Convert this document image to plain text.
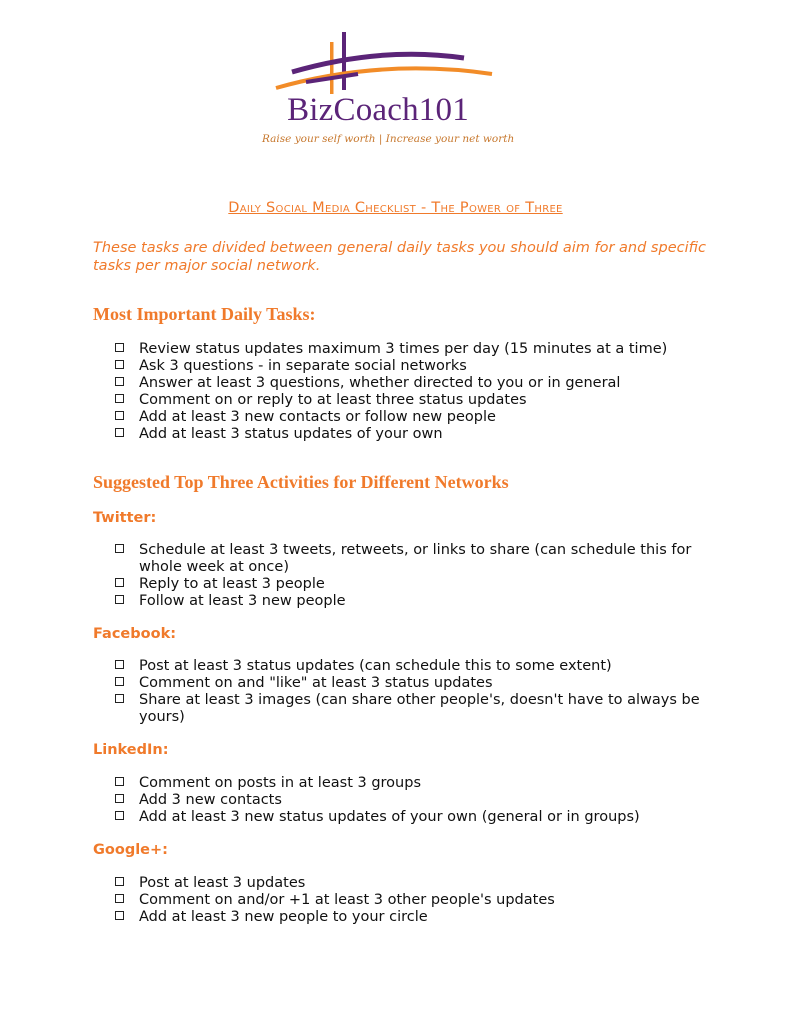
BizCoach101
Raise your self worth | Increase your net worth
Daily Social Media Checklist - The Power of Three
These tasks are divided between general daily tasks you should aim for and specific tasks per major social network.
Most Important Daily Tasks:
Review status updates maximum 3 times per day (15 minutes at a time)
Ask 3 questions - in separate social networks
Answer at least 3 questions, whether directed to you or in general
Comment on or reply to at least three status updates
Add at least 3 new contacts or follow new people
Add at least 3 status updates of your own
Suggested Top Three Activities for Different Networks
Twitter:
Schedule at least 3 tweets, retweets, or links to share (can schedule this for whole week at once)
Reply to at least 3 people
Follow at least 3 new people
Facebook:
Post at least 3 status updates (can schedule this to some extent)
Comment on and "like" at least 3 status updates
Share at least 3 images (can share other people's, doesn't have to always be yours)
LinkedIn:
Comment on posts in at least 3 groups
Add 3 new contacts
Add at least 3 new status updates of your own (general or in groups)
Google+:
Post at least 3 updates
Comment on and/or +1 at least 3 other people's updates
Add at least 3 new people to your circle
